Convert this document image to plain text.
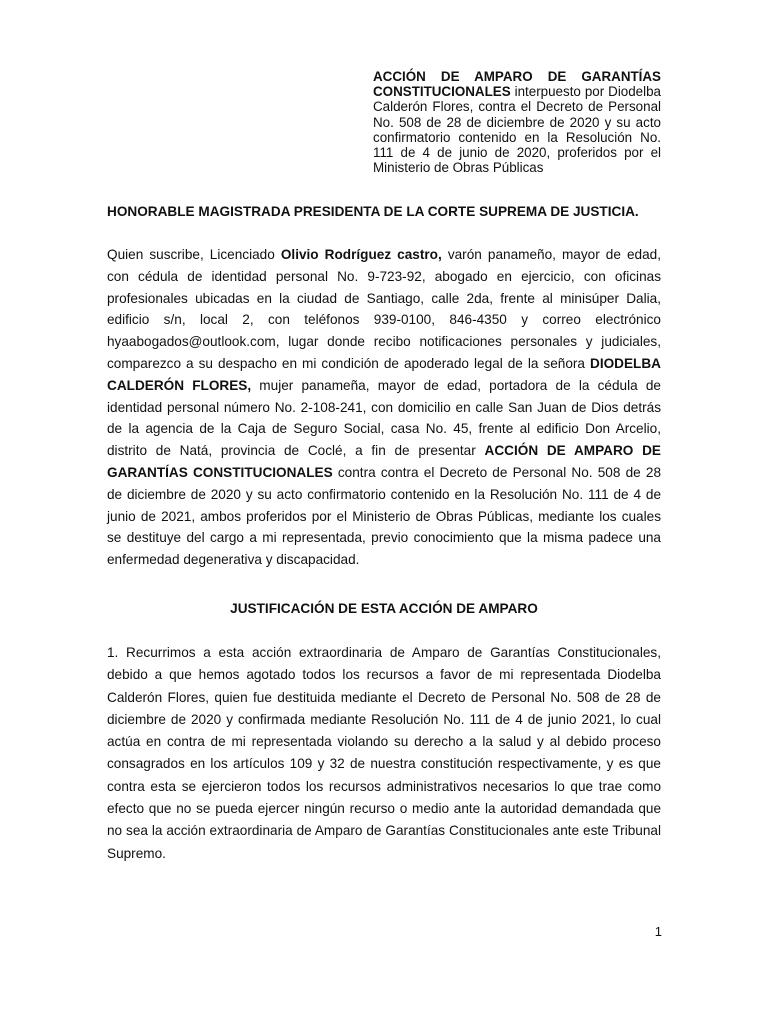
ACCIÓN DE AMPARO DE GARANTÍAS CONSTITUCIONALES interpuesto por Diodelba Calderón Flores, contra el Decreto de Personal No. 508 de 28 de diciembre de 2020 y su acto confirmatorio contenido en la Resolución No. 111 de 4 de junio de 2020, proferidos por el Ministerio de Obras Públicas
HONORABLE MAGISTRADA PRESIDENTA DE LA CORTE SUPREMA DE JUSTICIA.
Quien suscribe, Licenciado Olivio Rodríguez castro, varón panameño, mayor de edad, con cédula de identidad personal No. 9-723-92, abogado en ejercicio, con oficinas profesionales ubicadas en la ciudad de Santiago, calle 2da, frente al minisúper Dalia, edificio s/n, local 2, con teléfonos 939-0100, 846-4350 y correo electrónico hyaabogados@outlook.com, lugar donde recibo notificaciones personales y judiciales, comparezco a su despacho en mi condición de apoderado legal de la señora DIODELBA CALDERÓN FLORES, mujer panameña, mayor de edad, portadora de la cédula de identidad personal número No. 2-108-241, con domicilio en calle San Juan de Dios detrás de la agencia de la Caja de Seguro Social, casa No. 45, frente al edificio Don Arcelio, distrito de Natá, provincia de Coclé, a fin de presentar ACCIÓN DE AMPARO DE GARANTÍAS CONSTITUCIONALES contra contra el Decreto de Personal No. 508 de 28 de diciembre de 2020 y su acto confirmatorio contenido en la Resolución No. 111 de 4 de junio de 2021, ambos proferidos por el Ministerio de Obras Públicas, mediante los cuales se destituye del cargo a mi representada, previo conocimiento que la misma padece una enfermedad degenerativa y discapacidad.
JUSTIFICACIÓN DE ESTA ACCIÓN DE AMPARO
1. Recurrimos a esta acción extraordinaria de Amparo de Garantías Constitucionales, debido a que hemos agotado todos los recursos a favor de mi representada Diodelba Calderón Flores, quien fue destituida mediante el Decreto de Personal No. 508 de 28 de diciembre de 2020 y confirmada mediante Resolución No. 111 de 4 de junio 2021, lo cual actúa en contra de mi representada violando su derecho a la salud y al debido proceso consagrados en los artículos 109 y 32 de nuestra constitución respectivamente, y es que contra esta se ejercieron todos los recursos administrativos necesarios lo que trae como efecto que no se pueda ejercer ningún recurso o medio ante la autoridad demandada que no sea la acción extraordinaria de Amparo de Garantías Constitucionales ante este Tribunal Supremo.
1
